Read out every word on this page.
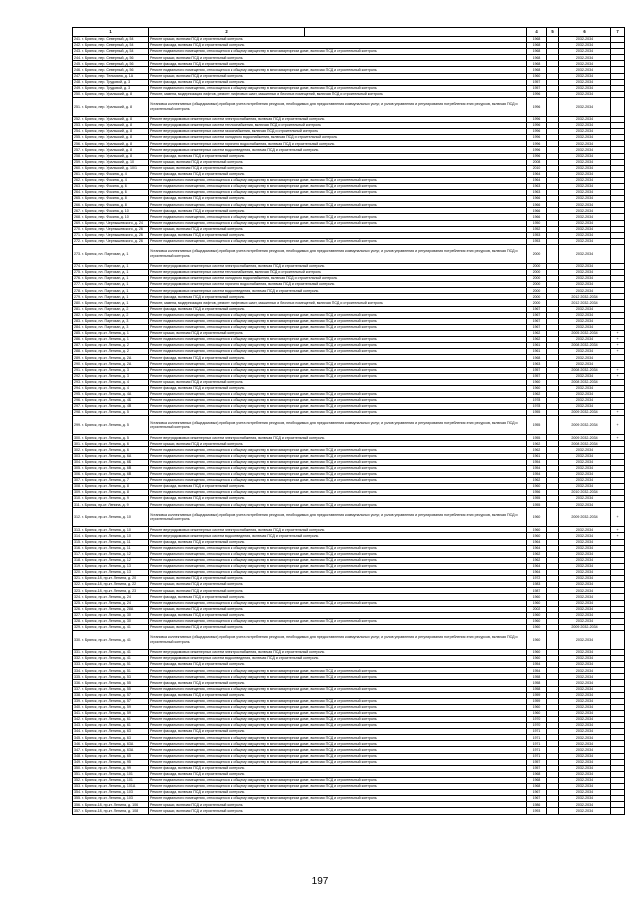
1	2		4	5	6	7
241. г. Брянск, пер. Северный, д. 54	Ремонт крыши, включая ПСД и строительный контроль		1968		2032-2034	
242. г. Брянск, пер. Северный, д. 54	Ремонт фасада, включая ПСД и строительный контроль		1968		2032-2034	
243. г. Брянск, пер. Северный, д. 54	Ремонт подвального помещения, относящегося к общему имуществу в многоквартирном доме, включая ПСД и строительный контроль		1968		2032-2034	
244. г. Брянск, пер. Северный, д. 56	Ремонт крыши, включая ПСД и строительный контроль		1968		2032-2034	
245. г. Брянск, пер. Северный, д. 56	Ремонт фасада, включая ПСД и строительный контроль		1968		2032-2034	
246. г. Брянск, пер. Северный, д. 56	Ремонт подвального помещения, относящегося к общему имуществу в многоквартирном доме, включая ПСД и строительный контроль		1968		2032-2034	
247. г. Брянск, пер. Тельмана, д. 1А	Ремонт крыши, включая ПСД и строительный контроль		1960		2032-2034	
248. г. Брянск, пер. Трудовой, д. 3	Ремонт фасада, включая ПСД и строительный контроль		1957		2032-2034	
249. г. Брянск, пер. Трудовой, д. 3	Ремонт подвального помещения, относящегося к общему имуществу в многоквартирном доме, включая ПСД и строительный контроль		1957		2032-2034	
250. г. Брянск, пер. Уральский, д. 8	Ремонт, замена, модернизация лифтов, ремонт лифтовых шахт, машинных и блочных помещений, включая ПСД и строительный контроль		1996		2032-2034	
251. г. Брянск, пер. Уральский, д. 8	Установка коллективных (общедомовых) приборов учета потребления ресурсов, необходимых для предоставления коммунальных услуг, и узлов управления и регулирования потребления этих ресурсов, включая ПСД и строительный контроль		1996		2032-2034	
252. г. Брянск, пер. Уральский, д. 8	Ремонт внутридомовых инженерных систем электроснабжения, включая ПСД и строительный контроль		1996		2032-2034	
253. г. Брянск, пер. Уральский, д. 8	Ремонт внутридомовых инженерных систем теплоснабжения, включая ПСД и строительный контроль		1996		2032-2034	
254. г. Брянск, пер. Уральский, д. 8	Ремонт внутридомовых инженерных систем газоснабжения, включая ПСД и строительный контроль		1996		2032-2034	
255. г. Брянск, пер. Уральский, д. 8	Ремонт внутридомовых инженерных систем холодного водоснабжения, включая ПСД и строительный контроль		1996		2032-2034	
256. г. Брянск, пер. Уральский, д. 8	Ремонт внутридомовых инженерных систем горячего водоснабжения, включая ПСД и строительный контроль		1996		2032-2034	
257. г. Брянск, пер. Уральский, д. 8	Ремонт внутридомовых инженерных систем водоотведения, включая ПСД и строительный контроль		1996		2032-2034	
258. г. Брянск, пер. Уральский, д. 8	Ремонт фасада, включая ПСД и строительный контроль		1996		2032-2034	
259. г. Брянск, пер. Уральский, д. 10	Ремонт крыши, включая ПСД и строительный контроль		2008		2032-2034	
260. г. Брянск, пер. Уральский, д. 10/1	Ремонт крыши, включая ПСД и строительный контроль		2010		2032-2034	
261. г. Брянск, пер. Фокина, д. 4	Ремонт фасада, включая ПСД и строительный контроль		1964		2032-2034	
262. г. Брянск, пер. Фокина, д. 4	Ремонт подвального помещения, относящегося к общему имуществу в многоквартирном доме, включая ПСД и строительный контроль		1964		2032-2034	
263. г. Брянск, пер. Фокина, д. 6	Ремонт подвального помещения, относящегося к общему имуществу в многоквартирном доме, включая ПСД и строительный контроль		1963		2032-2034	
264. г. Брянск, пер. Фокина, д. 6	Ремонт подвального помещения, относящегося к общему имуществу в многоквартирном доме, включая ПСД и строительный контроль		1963		2032-2034	
265. г. Брянск, пер. Фокина, д. 8	Ремонт фасада, включая ПСД и строительный контроль		1966		2032-2034	
266. г. Брянск, пер. Фокина, д. 8	Ремонт подвального помещения, относящегося к общему имуществу в многоквартирном доме, включая ПСД и строительный контроль		1966		2032-2034	
267. г. Брянск, пер. Фокина, д. 10	Ремонт фасада, включая ПСД и строительный контроль		1966		2032-2034	
268. г. Брянск, пер. Фокина, д. 10	Ремонт подвального помещения, относящегося к общему имуществу в многоквартирном доме, включая ПСД и строительный контроль		1966		2032-2034	
269. г. Брянск, пер. Чернышевского, д. 24	Ремонт подвального помещения, относящегося к общему имуществу в многоквартирном доме, включая ПСД и строительный контроль		1950		2032-2034	
270. г. Брянск, пер. Чернышевского, д. 26	Ремонт крыши, включая ПСД и строительный контроль		1952		2032-2034	
271. г. Брянск, пер. Чернышевского, д. 26	Ремонт фасада, включая ПСД и строительный контроль		1953		2032-2034	
272. г. Брянск, пер. Чернышевского, д. 26	Ремонт подвального помещения, относящегося к общему имуществу в многоквартирном доме, включая ПСД и строительный контроль		1953		2032-2034	
273. г. Брянск, пл. Партизан, д. 1	Установка коллективных (общедомовых) приборов учета потребления ресурсов, необходимых для предоставления коммунальных услуг, и узлов управления и регулирования потребления этих ресурсов, включая ПСД и строительный контроль		2000		2032-2034	
274. г. Брянск, пл. Партизан, д. 1	Ремонт внутридомовых инженерных систем электроснабжения, включая ПСД и строительный контроль		2000		2032-2034	
275. г. Брянск, пл. Партизан, д. 1	Ремонт внутридомовых инженерных систем теплоснабжения, включая ПСД и строительный контроль		2000		2032-2034	
276. г. Брянск, пл. Партизан, д. 1	Ремонт внутридомовых инженерных систем холодного водоснабжения, включая ПСД и строительный контроль		2000		2032-2034	
277. г. Брянск, пл. Партизан, д. 1	Ремонт внутридомовых инженерных систем горячего водоснабжения, включая ПСД и строительный контроль		2000		2032-2034	
278. г. Брянск, пл. Партизан, д. 1	Ремонт внутридомовых инженерных систем водоотведения, включая ПСД и строительный контроль		2000		2032-2034	
279. г. Брянск, пл. Партизан, д. 1	Ремонт фасада, включая ПСД и строительный контроль		2000		2012 2032-2034	
280. г. Брянск, пл. Партизан, д. 1	Ремонт, замена, модернизация лифтов, ремонт лифтовых шахт, машинных и блочных помещений, включая ПСД и строительный контроль		2000		2012 2032-2034	
281. г. Брянск, пл. Партизан, д. 2	Ремонт фасада, включая ПСД и строительный контроль		1967		2032-2034	
282. г. Брянск, пл. Партизан, д. 2	Ремонт подвального помещения, относящегося к общему имуществу в многоквартирном доме, включая ПСД и строительный контроль		1967		2032-2034	
283. г. Брянск, пл. Партизан, д. 3	Ремонт подвального помещения, относящегося к общему имуществу в многоквартирном доме, включая ПСД и строительный контроль		1967		2032-2034	
284. г. Брянск, пл. Партизан, д. 3	Ремонт подвального помещения, относящегося к общему имуществу в многоквартирном доме, включая ПСД и строительный контроль		1967		2032-2034	
285. г. Брянск, пр-кт. Ленина, д. 1	Ремонт крыши, включая ПСД и строительный контроль		1962		2005 2032-2034	+
286. г. Брянск, пр-кт. Ленина, д. 1	Ремонт подвального помещения, относящегося к общему имуществу в многоквартирном доме, включая ПСД и строительный контроль		1962		2032-2034	+
287. г. Брянск, пр-кт. Ленина, д. 2	Ремонт подвального помещения, относящегося к общему имуществу в многоквартирном доме, включая ПСД и строительный контроль		1961		2008 2032-2034	+
288. г. Брянск, пр-кт. Ленина, д. 2	Ремонт подвального помещения, относящегося к общему имуществу в многоквартирном доме, включая ПСД и строительный контроль		1961		2032-2034	+
289. г. Брянск, пр-кт. Ленина, д. 2А	Ремонт фасада, включая ПСД и строительный контроль		1968		2032-2034	
290. г. Брянск, пр-кт. Ленина, д. 2А	Ремонт подвального помещения, относящегося к общему имуществу в многоквартирном доме, включая ПСД и строительный контроль		1963		2032-2034	
291. г. Брянск, пр-кт. Ленина, д. 3	Ремонт подвального помещения, относящегося к общему имуществу в многоквартирном доме, включая ПСД и строительный контроль		1957		2008 2032-2034	+
292. г. Брянск, пр-кт. Ленина, д. 3	Ремонт подвального помещения, относящегося к общему имуществу в многоквартирном доме, включая ПСД и строительный контроль		1957		2032-2034	+
293. г. Брянск, пр-кт. Ленина, д. 4	Ремонт крыши, включая ПСД и строительный контроль		1960		2008 2032-2034	
294. г. Брянск, пр-кт. Ленина, д. 4	Ремонт фасада, включая ПСД и строительный контроль		1960		2032-2034	
295. г. Брянск, пр-кт. Ленина, д. 4А	Ремонт подвального помещения, относящегося к общему имуществу в многоквартирном доме, включая ПСД и строительный контроль		1962		2032-2034	
296. г. Брянск, пр-кт. Ленина, д. 4Б	Ремонт подвального помещения, относящегося к общему имуществу в многоквартирном доме, включая ПСД и строительный контроль		1978		2032-2034	
297. г. Брянск, пр-кт. Ленина, д. 4В	Ремонт подвального помещения, относящегося к общему имуществу в многоквартирном доме, включая ПСД и строительный контроль		1978		2032-2034	
298. г. Брянск, пр-кт. Ленина, д. 5	Ремонт подвального помещения, относящегося к общему имуществу в многоквартирном доме, включая ПСД и строительный контроль		1955		2009 2032-2034	+
299. г. Брянск, пр-кт. Ленина, д. 5	Установка коллективных (общедомовых) приборов учета потребления ресурсов, необходимых для предоставления коммунальных услуг, и узлов управления и регулирования потребления этих ресурсов, включая ПСД и строительный контроль		1955		2009 2032-2034	+
300. г. Брянск, пр-кт. Ленина, д. 5	Ремонт внутридомовых инженерных систем электроснабжения, включая ПСД и строительный контроль		1955		2009 2032-2034	+
301. г. Брянск, пр-кт. Ленина, д. 6	Ремонт крыши, включая ПСД и строительный контроль		1962		2008 2032-2034	
302. г. Брянск, пр-кт. Ленина, д. 6	Ремонт подвального помещения, относящегося к общему имуществу в многоквартирном доме, включая ПСД и строительный контроль		1962		2032-2034	
303. г. Брянск, пр-кт. Ленина, д. 6А	Ремонт подвального помещения, относящегося к общему имуществу в многоквартирном доме, включая ПСД и строительный контроль		1961		2032-2034	
304. г. Брянск, пр-кт. Ленина, д. 6Б	Ремонт подвального помещения, относящегося к общему имуществу в многоквартирном доме, включая ПСД и строительный контроль		1954		2032-2034	
305. г. Брянск, пр-кт. Ленина, д. 6В	Ремонт подвального помещения, относящегося к общему имуществу в многоквартирном доме, включая ПСД и строительный контроль		1954		2032-2034	
306. г. Брянск, пр-кт. Ленина, д. 6В	Ремонт подвального помещения, относящегося к общему имуществу в многоквартирном доме, включая ПСД и строительный контроль		1954		2032-2034	
307. г. Брянск, пр-кт. Ленина, д. 7	Ремонт подвального помещения, относящегося к общему имуществу в многоквартирном доме, включая ПСД и строительный контроль		1962		2032-2034	
308. г. Брянск, пр-кт. Ленина, д. 8	Ремонт фасада, включая ПСД и строительный контроль		1960		2032-2034	
309. г. Брянск, пр-кт. Ленина, д. 8	Ремонт подвального помещения, относящегося к общему имуществу в многоквартирном доме, включая ПСД и строительный контроль		1956		2010 2032-2034	
310. г. Брянск, пр-кт. Ленина, д. 9	Ремонт фасада, включая ПСД и строительный контроль		1955		2032-2034	
311. г. Брянск, пр-кт. Ленина, д. 9	Ремонт подвального помещения, относящегося к общему имуществу в многоквартирном доме, включая ПСД и строительный контроль		1955		2032-2034	
312. г. Брянск, пр-кт. Ленина, д. 10	Установка коллективных (общедомовых) приборов учета потребления ресурсов, необходимых для предоставления коммунальных услуг, и узлов управления и регулирования потребления этих ресурсов, включая ПСД и строительный контроль		1960		2009 2032-2034	+
313. г. Брянск, пр-кт. Ленина, д. 10	Ремонт внутридомовых инженерных систем электроснабжения, включая ПСД и строительный контроль		1960		2032-2034	+
314. г. Брянск, пр-кт. Ленина, д. 10	Ремонт внутридомовых инженерных систем водоотведения, включая ПСД и строительный контроль		1960		2032-2034	+
315. г. Брянск, пр-кт. Ленина, д. 11	Ремонт фасада, включая ПСД и строительный контроль		1964		2032-2034	
316. г. Брянск, пр-кт. Ленина, д. 11	Ремонт подвального помещения, относящегося к общему имуществу в многоквартирном доме, включая ПСД и строительный контроль		1964		2032-2034	
317. г. Брянск, пр-кт. Ленина, д. 12	Ремонт подвального помещения, относящегося к общему имуществу в многоквартирном доме, включая ПСД и строительный контроль		1962		2032-2034	
318. г. Брянск, пр-кт. Ленина, д. 12	Ремонт подвального помещения, относящегося к общему имуществу в многоквартирном доме, включая ПСД и строительный контроль		1962		2032-2034	
319. г. Брянск, пр-кт. Ленина, д. 13	Ремонт подвального помещения, относящегося к общему имуществу в многоквартирном доме, включая ПСД и строительный контроль		1964		2032-2034	
320. г. Брянск, пр-кт. Ленина, д. 13	Ремонт подвального помещения, относящегося к общему имуществу в многоквартирном доме, включая ПСД и строительный контроль		1964		2032-2034	
321. г. Брянск-18, пр-кт. Ленина, д. 20	Ремонт крыши, включая ПСД и строительный контроль		1972		2032-2034	
322. г. Брянск-18, пр-кт. Ленина, д. 22	Ремонт крыши, включая ПСД и строительный контроль		1983		2032-2034	
323. г. Брянск-18, пр-кт. Ленина, д. 23	Ремонт крыши, включая ПСД и строительный контроль		1987		2032-2034	
324. г. Брянск, пр-кт. Ленина, д. 24	Ремонт фасада, включая ПСД и строительный контроль		1960		2032-2034	
325. г. Брянск, пр-кт. Ленина, д. 24	Ремонт подвального помещения, относящегося к общему имуществу в многоквартирном доме, включая ПСД и строительный контроль		1960		2032-2034	
326. г. Брянск, пр-кт. Ленина, д. 28А	Ремонт крыши, включая ПСД и строительный контроль		2002		2032-2034	
327. г. Брянск, пр-кт. Ленина, д. 30	Ремонт фасада, включая ПСД и строительный контроль		1960		2032-2034	
328. г. Брянск, пр-кт. Ленина, д. 30	Ремонт подвального помещения, относящегося к общему имуществу в многоквартирном доме, включая ПСД и строительный контроль		1960		2032-2034	
329. г. Брянск, пр-кт. Ленина, д. 41	Ремонт крыши, включая ПСД и строительный контроль		1960		2009 2032-2034	
330. г. Брянск, пр-кт. Ленина, д. 41	Установка коллективных (общедомовых) приборов учета потребления ресурсов, необходимых для предоставления коммунальных услуг, и узлов управления и регулирования потребления этих ресурсов, включая ПСД и строительный контроль		1960		2032-2034	
331. г. Брянск, пр-кт. Ленина, д. 41	Ремонт внутридомовых инженерных систем электроснабжения, включая ПСД и строительный контроль		1960		2032-2034	
332. г. Брянск, пр-кт. Ленина, д. 41	Ремонт внутридомовых инженерных систем водоотведения, включая ПСД и строительный контроль		1960		2032-2034	
333. г. Брянск, пр-кт. Ленина, д. 51	Ремонт фасада, включая ПСД и строительный контроль		1954		2032-2034	
334. г. Брянск, пр-кт. Ленина, д. 51	Ремонт подвального помещения, относящегося к общему имуществу в многоквартирном доме, включая ПСД и строительный контроль		1954		2032-2034	
335. г. Брянск, пр-кт. Ленина, д. 53	Ремонт подвального помещения, относящегося к общему имуществу в многоквартирном доме, включая ПСД и строительный контроль		1958		2032-2034	
336. г. Брянск, пр-кт. Ленина, д. 55	Ремонт фасада, включая ПСД и строительный контроль		1958		2032-2034	
337. г. Брянск, пр-кт. Ленина, д. 55	Ремонт подвального помещения, относящегося к общему имуществу в многоквартирном доме, включая ПСД и строительный контроль		1958		2032-2034	
338. г. Брянск, пр-кт. Ленина, д. 57	Ремонт фасада, включая ПСД и строительный контроль		1959		2032-2034	
339. г. Брянск, пр-кт. Ленина, д. 57	Ремонт подвального помещения, относящегося к общему имуществу в многоквартирном доме, включая ПСД и строительный контроль		1959		2032-2034	
340. г. Брянск, пр-кт. Ленина, д. 59	Ремонт подвального помещения, относящегося к общему имуществу в многоквартирном доме, включая ПСД и строительный контроль		1960		2032-2034	
341. г. Брянск, пр-кт. Ленина, д. 59	Ремонт подвального помещения, относящегося к общему имуществу в многоквартирном доме, включая ПСД и строительный контроль		1960		2032-2034	
342. г. Брянск, пр-кт. Ленина, д. 61	Ремонт подвального помещения, относящегося к общему имуществу в многоквартирном доме, включая ПСД и строительный контроль		1970		2032-2034	
343. г. Брянск, пр-кт. Ленина, д. 61	Ремонт подвального помещения, относящегося к общему имуществу в многоквартирном доме, включая ПСД и строительный контроль		1970		2032-2034	
344. г. Брянск, пр-кт. Ленина, д. 63	Ремонт фасада, включая ПСД и строительный контроль		1971		2032-2034	
345. г. Брянск, пр-кт. Ленина, д. 63	Ремонт подвального помещения, относящегося к общему имуществу в многоквартирном доме, включая ПСД и строительный контроль		1971		2032-2034	
346. г. Брянск, пр-кт. Ленина, д. 63А	Ремонт подвального помещения, относящегося к общему имуществу в многоквартирном доме, включая ПСД и строительный контроль		1971		2032-2034	
347. г. Брянск, пр-кт. Ленина, д. 63А	Ремонт подвального помещения, относящегося к общему имуществу в многоквартирном доме, включая ПСД и строительный контроль		1971		2032-2034	
348. г. Брянск, пр-кт. Ленина, д. 65	Ремонт подвального помещения, относящегося к общему имуществу в многоквартирном доме, включая ПСД и строительный контроль		1971		2032-2034	
349. г. Брянск, пр-кт. Ленина, д. 95	Ремонт подвального помещения, относящегося к общему имуществу в многоквартирном доме, включая ПСД и строительный контроль		1957		2032-2034	
350. г. Брянск, пр-кт. Ленина, д. 99	Ремонт фасада, включая ПСД и строительный контроль		1957		2032-2034	
351. г. Брянск, пр-кт. Ленина, д. 101	Ремонт фасада, включая ПСД и строительный контроль		1968		2032-2034	
352. г. Брянск, пр-кт. Ленина, д. 101	Ремонт подвального помещения, относящегося к общему имуществу в многоквартирном доме, включая ПСД и строительный контроль		1968		2032-2034	
353. г. Брянск, пр-кт. Ленина, д. 101А	Ремонт подвального помещения, относящегося к общему имуществу в многоквартирном доме, включая ПСД и строительный контроль		1968		2032-2034	
354. г. Брянск, пр-кт. Ленина, д. 103	Ремонт фасада, включая ПСД и строительный контроль		1967		2032-2034	
355. г. Брянск, пр-кт. Ленина, д. 103	Ремонт подвального помещения, относящегося к общему имуществу в многоквартирном доме, включая ПСД и строительный контроль		1967		2032-2034	
356. г. Брянск-18, пр-кт. Ленина, д. 106	Ремонт крыши, включая ПСД и строительный контроль		1986		2032-2034	
357. г. Брянск-18, пр-кт. Ленина, д. 108	Ремонт крыши, включая ПСД и строительный контроль		1993		2032-2034	
197
